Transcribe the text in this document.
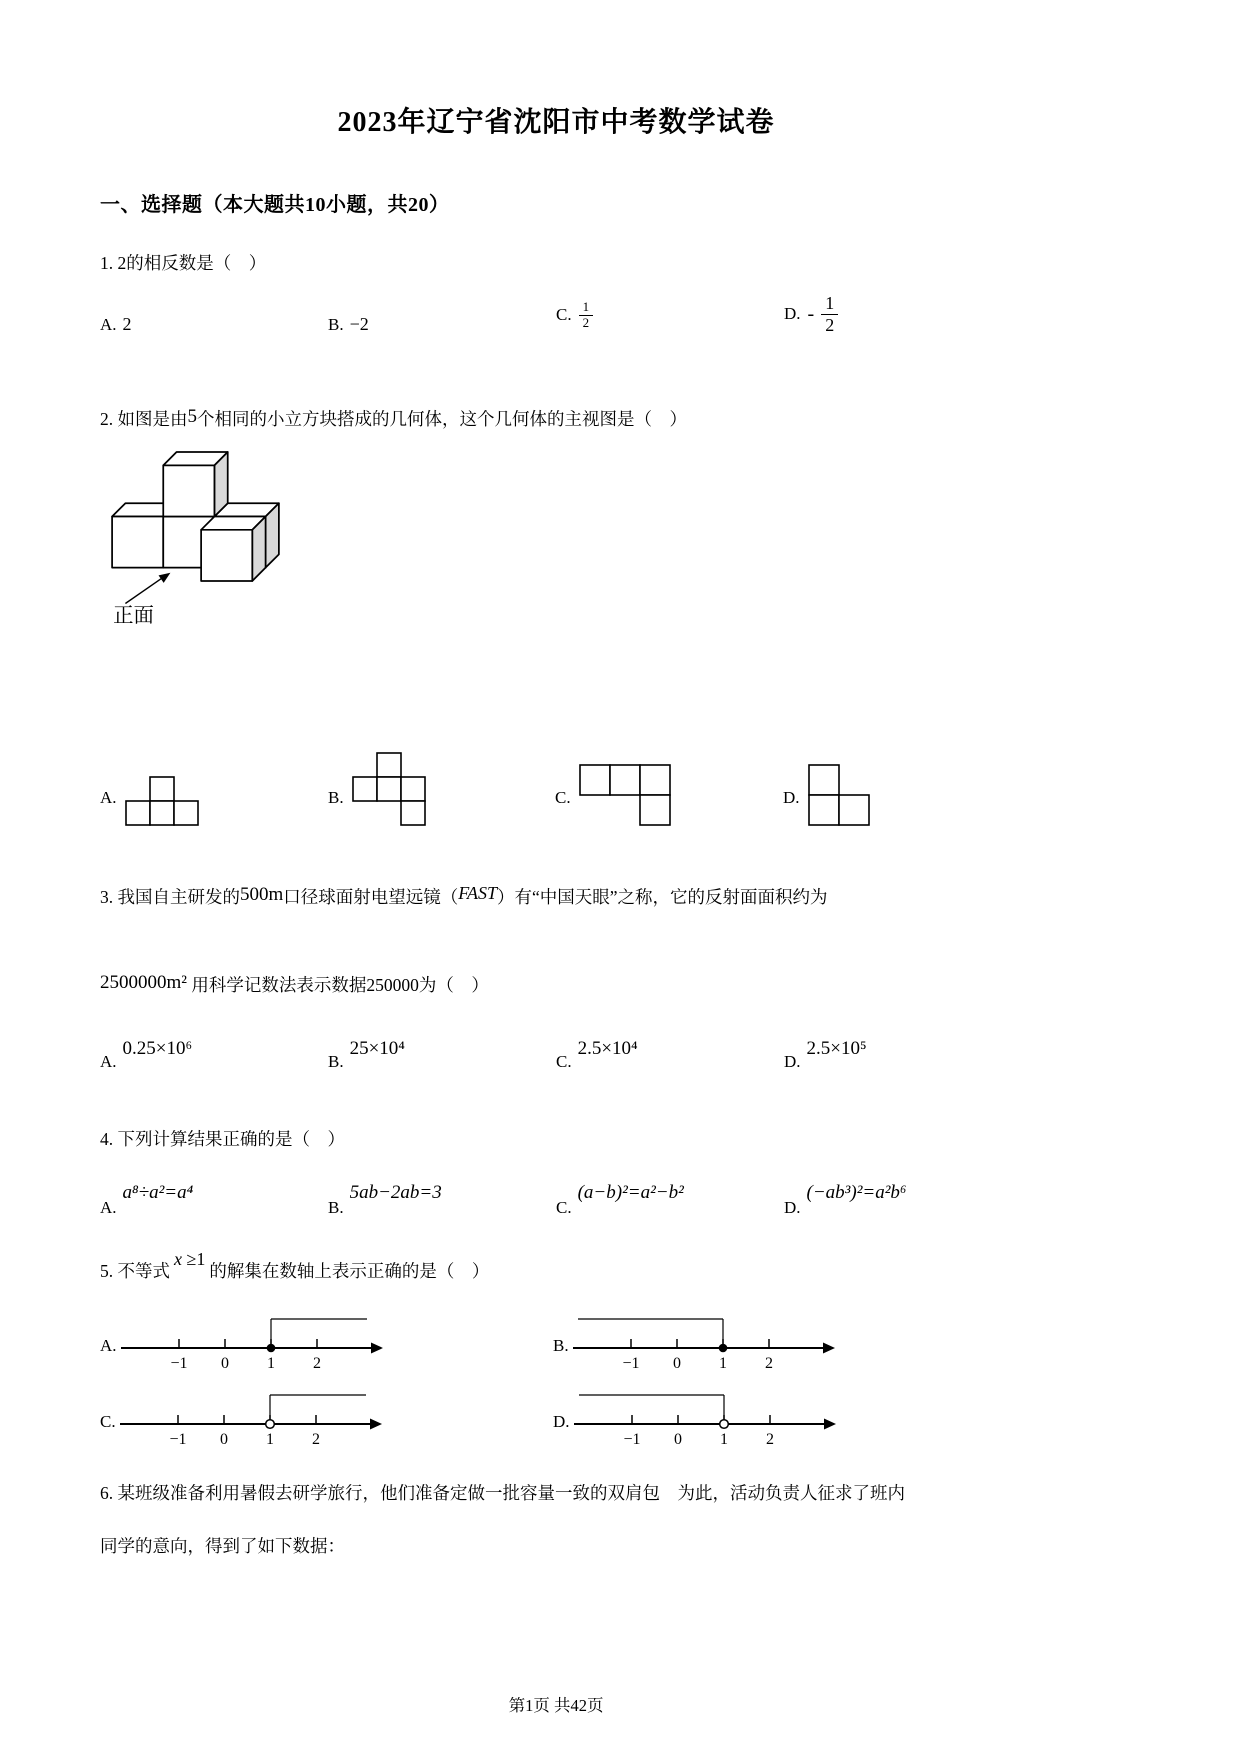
2023年辽宁省沈阳市中考数学试卷
一、选择题（本大题共10小题，共20）
1. 2的相反数是（　）
A. 2	B. −2	C. $\frac{1}{2}$	D. - $\frac{1}{2}$
2. 如图是由5个相同的小立方块搭成的几何体，这个几何体的主视图是（　）
正面
A.	B.	C.	D.
3. 我国自主研发的500m口径球面射电望远镜（FAST）有“中国天眼”之称，它的反射面面积约为
2500000m² 用科学记数法表示数据250000为（　）
A.
0.25×10⁶
B.
25×10⁴
C.
2.5×10⁴
D.
2.5×10⁵
4. 下列计算结果正确的是（　）
A.
a⁸÷a²=a⁴
B.
5ab−2ab=3
C.
(a−b)²=a²−b²
D.
(−ab³)²=a²b⁶
5. 不等式x ≥1的解集在数轴上表示正确的是（　）
A.
−1 0 1 2
B.
−1 0 1 2
C.
−1 0 1 2
D.
−1 0 1 2
6. 某班级准备利用暑假去研学旅行，他们准备定做一批容量一致的双肩包　为此，活动负责人征求了班内
同学的意向，得到了如下数据：
第1页 共42页
